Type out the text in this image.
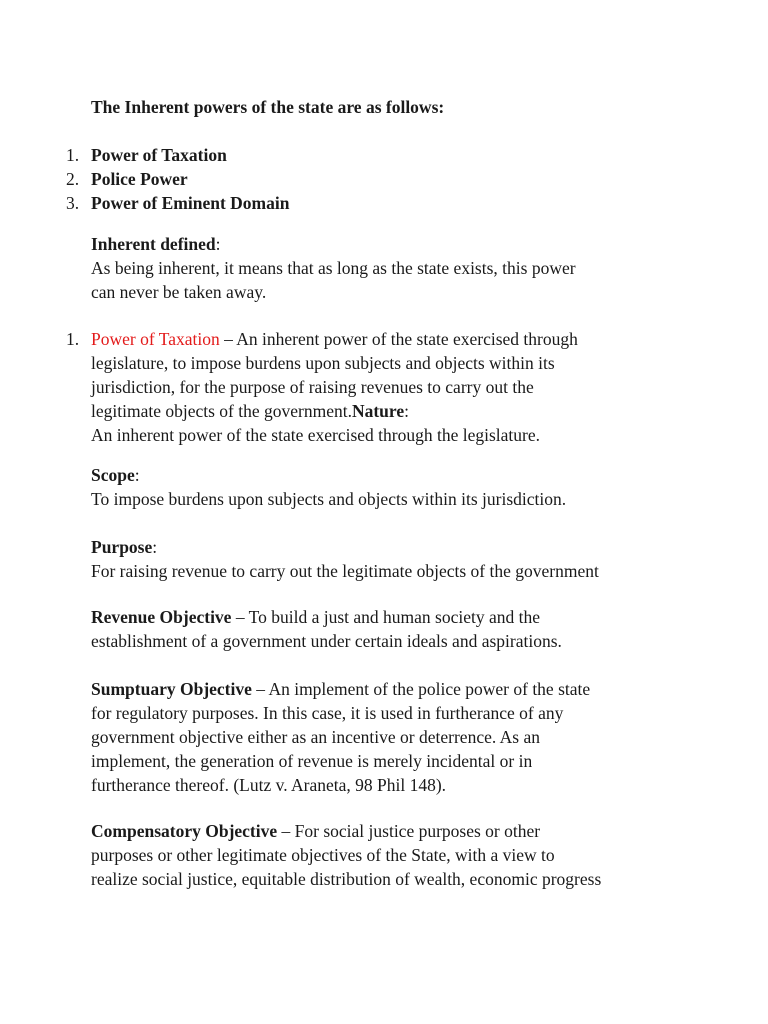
The Inherent powers of the state are as follows:

1. Power of Taxation

2. Police Power

3. Power of Eminent Domain

Inherent defined:

As being inherent, it means that as long as the state exists, this power

can never be taken away.

1. Power of Taxation – An inherent power of the state exercised through

legislature, to impose burdens upon subjects and objects within its

jurisdiction, for the purpose of raising revenues to carry out the

legitimate objects of the government.Nature:

An inherent power of the state exercised through the legislature.

Scope:

To impose burdens upon subjects and objects within its jurisdiction.

Purpose:

For raising revenue to carry out the legitimate objects of the government

Revenue Objective – To build a just and human society and the

establishment of a government under certain ideals and aspirations.

Sumptuary Objective – An implement of the police power of the state

for regulatory purposes. In this case, it is used in furtherance of any

government objective either as an incentive or deterrence. As an

implement, the generation of revenue is merely incidental or in

furtherance thereof. (Lutz v. Araneta, 98 Phil 148).

Compensatory Objective – For social justice purposes or other

purposes or other legitimate objectives of the State, with a view to

realize social justice, equitable distribution of wealth, economic progress
